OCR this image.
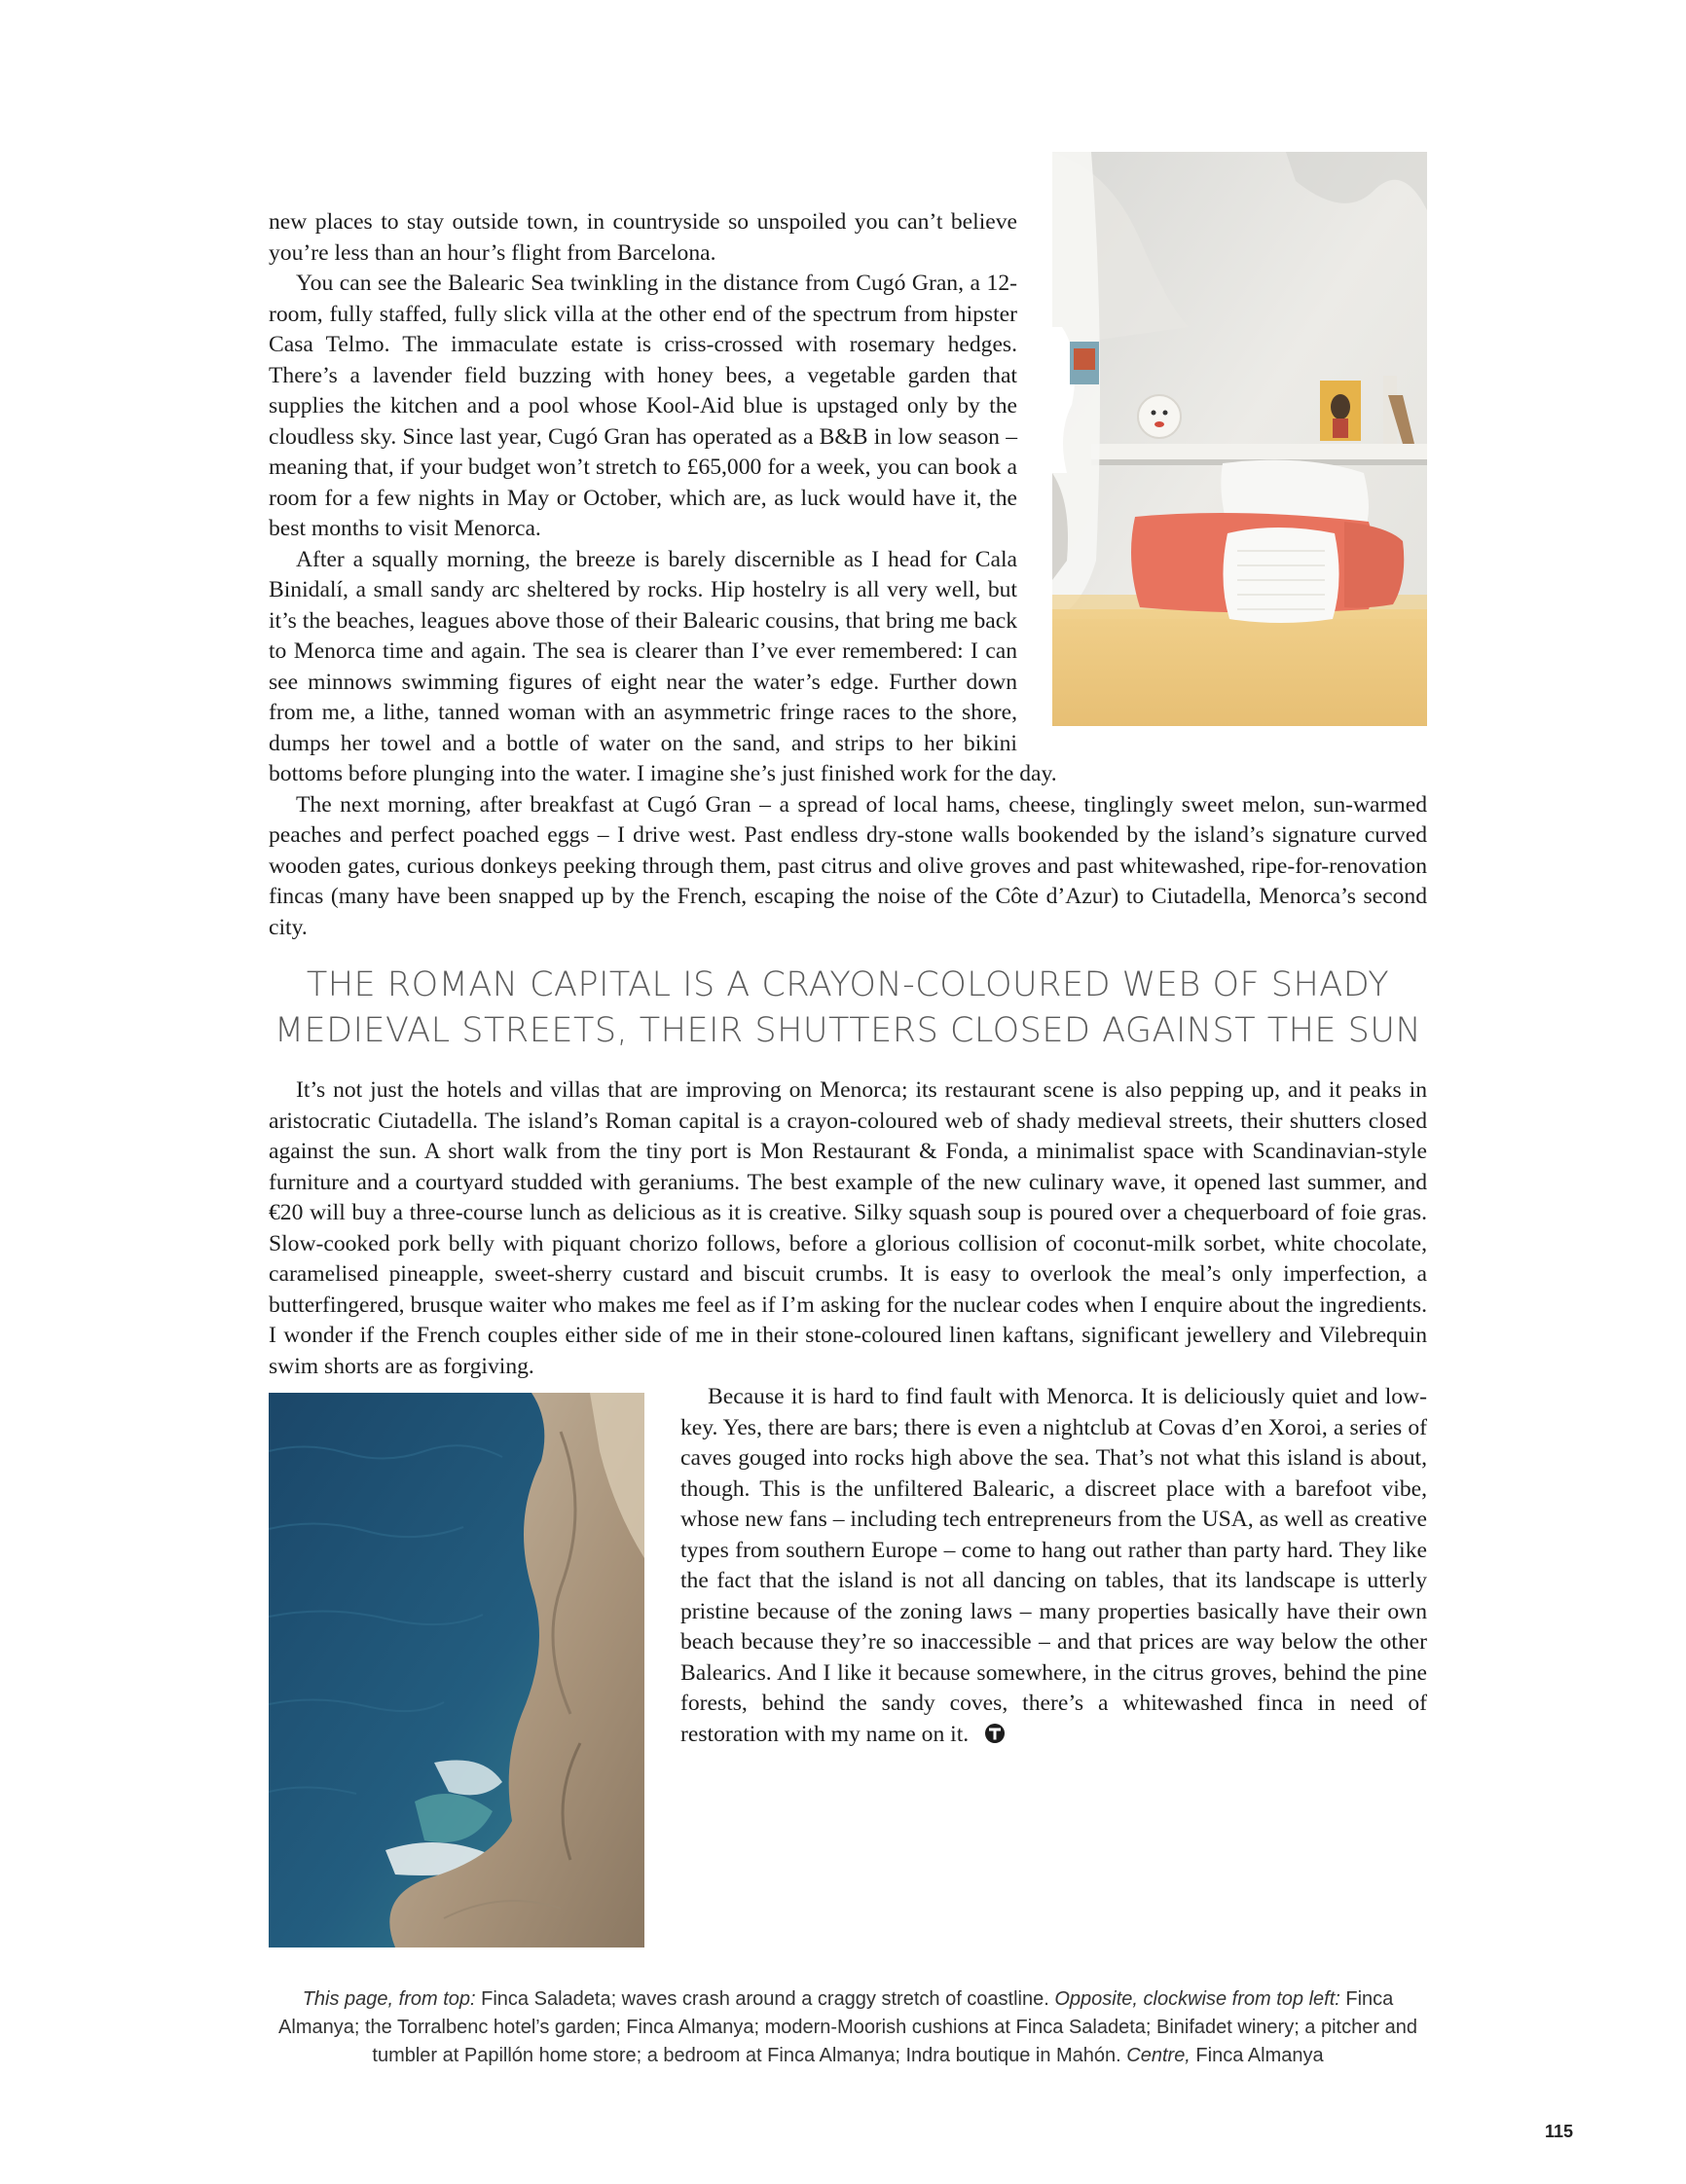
new places to stay outside town, in countryside so unspoiled you can’t believe you’re less than an hour’s flight from Barcelona.

You can see the Balearic Sea twinkling in the distance from Cugó Gran, a 12-room, fully staffed, fully slick villa at the other end of the spectrum from hipster Casa Telmo. The immaculate estate is criss-crossed with rosemary hedges. There’s a lavender field buzzing with honey bees, a vegetable garden that supplies the kitchen and a pool whose Kool-Aid blue is upstaged only by the cloudless sky. Since last year, Cugó Gran has operated as a B&B in low season – meaning that, if your budget won’t stretch to £65,000 for a week, you can book a room for a few nights in May or October, which are, as luck would have it, the best months to visit Menorca.

After a squally morning, the breeze is barely discernible as I head for Cala Binidalí, a small sandy arc sheltered by rocks. Hip hostelry is all very well, but it’s the beaches, leagues above those of their Balearic cousins, that bring me back to Menorca time and again. The sea is clearer than I’ve ever remembered: I can see minnows swimming figures of eight near the water’s edge. Further down from me, a lithe, tanned woman with an asymmetric fringe races to the shore, dumps her towel and a bottle of water on the sand, and strips to her bikini bottoms before plunging into the water. I imagine she’s just finished work for the day.

The next morning, after breakfast at Cugó Gran – a spread of local hams, cheese, tinglingly sweet melon, sun-warmed peaches and perfect poached eggs – I drive west. Past endless dry-stone walls bookended by the island’s signature curved wooden gates, curious donkeys peeking through them, past citrus and olive groves and past whitewashed, ripe-for-renovation fincas (many have been snapped up by the French, escaping the noise of the Côte d’Azur) to Ciutadella, Menorca’s second city.

THE ROMAN CAPITAL IS A CRAYON-COLOURED WEB OF SHADY MEDIEVAL STREETS, THEIR SHUTTERS CLOSED AGAINST THE SUN

It’s not just the hotels and villas that are improving on Menorca; its restaurant scene is also pepping up, and it peaks in aristocratic Ciutadella. The island’s Roman capital is a crayon-coloured web of shady medieval streets, their shutters closed against the sun. A short walk from the tiny port is Mon Restaurant & Fonda, a minimalist space with Scandinavian-style furniture and a courtyard studded with geraniums. The best example of the new culinary wave, it opened last summer, and €20 will buy a three-course lunch as delicious as it is creative. Silky squash soup is poured over a chequerboard of foie gras. Slow-cooked pork belly with piquant chorizo follows, before a glorious collision of coconut-milk sorbet, white chocolate, caramelised pineapple, sweet-sherry custard and biscuit crumbs. It is easy to overlook the meal’s only imperfection, a butterfingered, brusque waiter who makes me feel as if I’m asking for the nuclear codes when I enquire about the ingredients. I wonder if the French couples either side of me in their stone-coloured linen kaftans, significant jewellery and Vilebrequin swim shorts are as forgiving.

Because it is hard to find fault with Menorca. It is deliciously quiet and low-key. Yes, there are bars; there is even a nightclub at Covas d’en Xoroi, a series of caves gouged into rocks high above the sea. That’s not what this island is about, though. This is the unfiltered Balearic, a discreet place with a barefoot vibe, whose new fans – including tech entrepreneurs from the USA, as well as creative types from southern Europe – come to hang out rather than party hard. They like the fact that the island is not all dancing on tables, that its landscape is utterly pristine because of the zoning laws – many properties basically have their own beach because they’re so inaccessible – and that prices are way below the other Balearics. And I like it because somewhere, in the citrus groves, behind the pine forests, behind the sandy coves, there’s a whitewashed finca in need of restoration with my name on it.

This page, from top: Finca Saladeta; waves crash around a craggy stretch of coastline. Opposite, clockwise from top left: Finca Almanya; the Torralbenc hotel’s garden; Finca Almanya; modern-Moorish cushions at Finca Saladeta; Binifadet winery; a pitcher and tumbler at Papillón home store; a bedroom at Finca Almanya; Indra boutique in Mahón. Centre, Finca Almanya
115
